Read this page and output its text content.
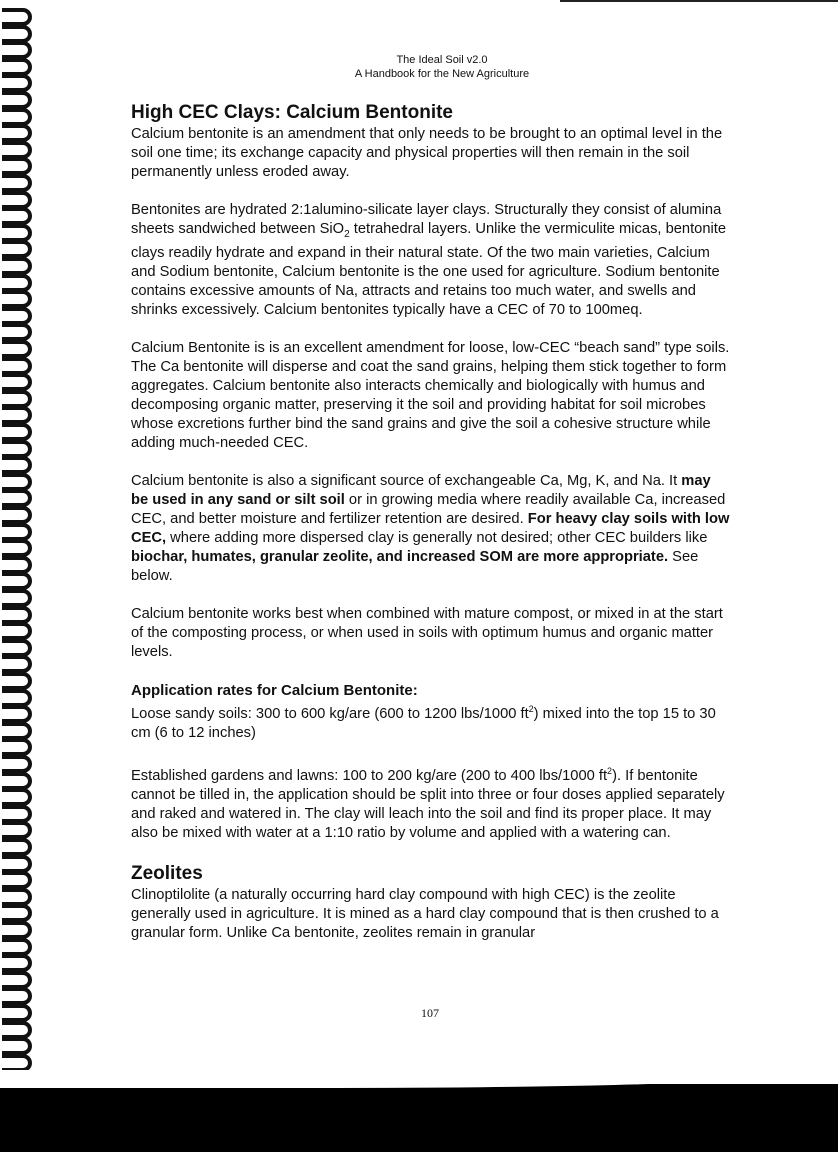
The Ideal Soil v2.0
A Handbook for the New Agriculture
High CEC Clays: Calcium Bentonite

Calcium bentonite is an amendment that only needs to be brought to an optimal level in the soil one time; its exchange capacity and physical properties will then remain in the soil permanently unless eroded away.

Bentonites are hydrated 2:1alumino-silicate layer clays. Structurally they consist of alumina sheets sandwiched between SiO$_2$ tetrahedral layers. Unlike the vermiculite micas, bentonite clays readily hydrate and expand in their natural state. Of the two main varieties, Calcium and Sodium bentonite, Calcium bentonite is the one used for agriculture. Sodium bentonite contains excessive amounts of Na, attracts and retains too much water, and swells and shrinks excessively. Calcium bentonites typically have a CEC of 70 to 100meq.

Calcium Bentonite is is an excellent amendment for loose, low-CEC “beach sand” type soils. The Ca bentonite will disperse and coat the sand grains, helping them stick together to form aggregates. Calcium bentonite also interacts chemically and biologically with humus and decomposing organic matter, preserving it the soil and providing habitat for soil microbes whose excretions further bind the sand grains and give the soil a cohesive structure while adding much-needed CEC.

Calcium bentonite is also a significant source of exchangeable Ca, Mg, K, and Na. It may be used in any sand or silt soil or in growing media where readily available Ca, increased CEC, and better moisture and fertilizer retention are desired. For heavy clay soils with low CEC, where adding more dispersed clay is generally not desired; other CEC builders like biochar, humates, granular zeolite, and increased SOM are more appropriate. See below.

Calcium bentonite works best when combined with mature compost, or mixed in at the start of the composting process, or when used in soils with optimum humus and organic matter levels.

Application rates for Calcium Bentonite:

Loose sandy soils: 300 to 600 kg/are (600 to 1200 lbs/1000 $ft^2$) mixed into the top 15 to 30 cm (6 to 12 inches)

Established gardens and lawns: 100 to 200 kg/are (200 to 400 lbs/1000 $ft^2$). If bentonite cannot be tilled in, the application should be split into three or four doses applied separately and raked and watered in. The clay will leach into the soil and find its proper place. It may also be mixed with water at a 1:10 ratio by volume and applied with a watering can.

Zeolites

Clinoptilolite (a naturally occurring hard clay compound with high CEC) is the zeolite generally used in agriculture. It is mined as a hard clay compound that is then crushed to a granular form. Unlike Ca bentonite, zeolites remain in granular

107
